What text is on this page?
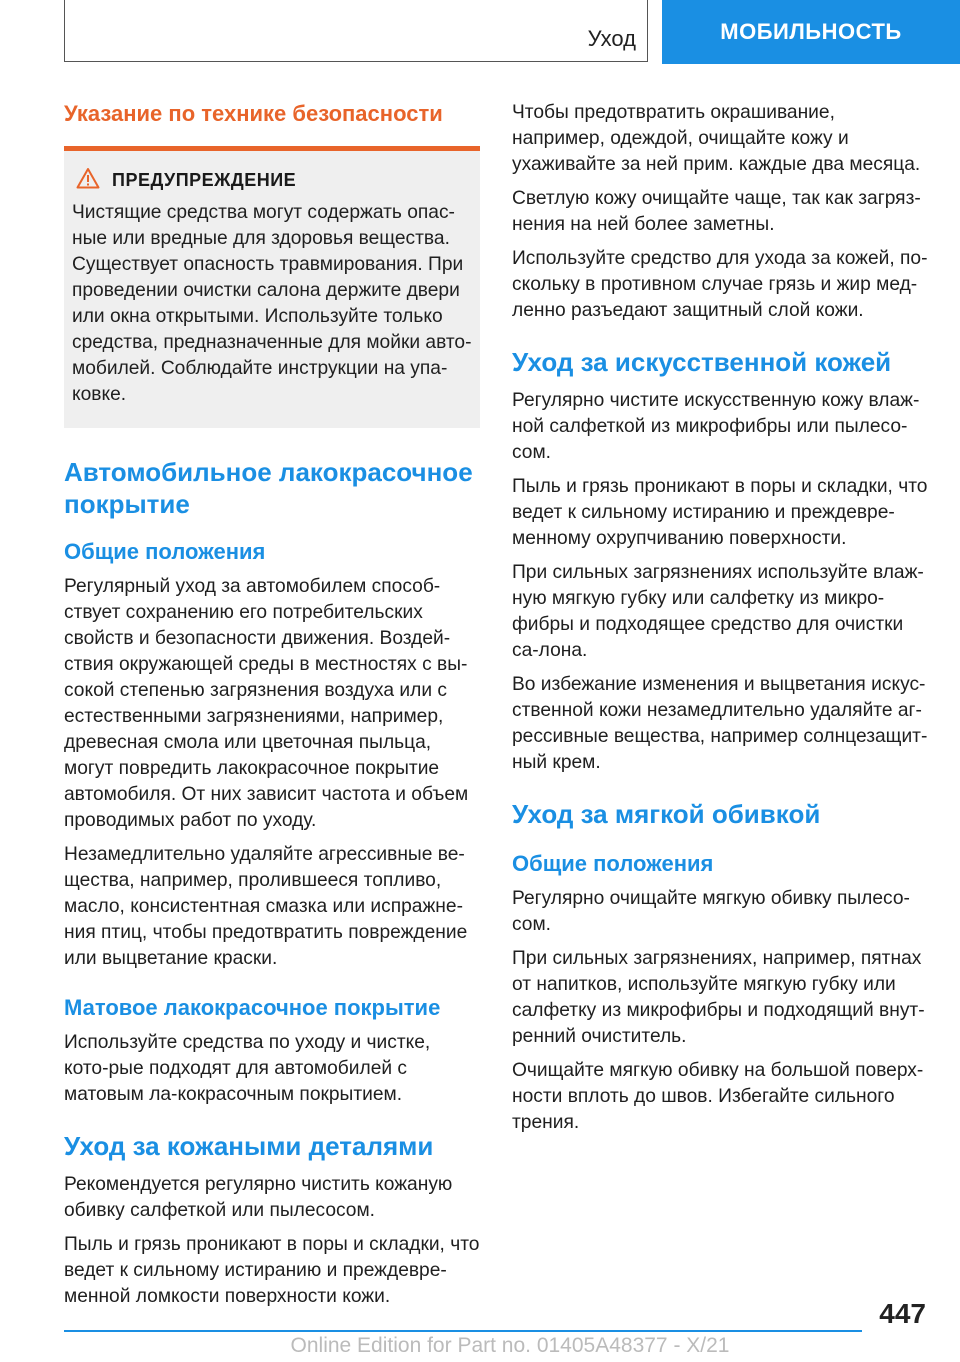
Уход	МОБИЛЬНОСТЬ
Указание по технике безопасности
ПРЕДУПРЕЖДЕНИЕ

Чистящие средства могут содержать опас-ные или вредные для здоровья вещества. Существует опасность травмирования. При проведении очистки салона держите двери или окна открытыми. Используйте только средства, предназначенные для мойки авто-мобилей. Соблюдайте инструкции на упа-ковке.

Автомобильное лакокрасочное покрытие
Общие положения

Регулярный уход за автомобилем способ-ствует сохранению его потребительских свойств и безопасности движения. Воздей-ствия окружающей среды в местностях с вы-сокой степенью загрязнения воздуха или с естественными загрязнениями, например, древесная смола или цветочная пыльца, могут повредить лакокрасочное покрытие автомобиля. От них зависит частота и объем проводимых работ по уходу.

Незамедлительно удаляйте агрессивные ве-щества, например, пролившееся топливо, масло, консистентная смазка или испражне-ния птиц, чтобы предотвратить повреждение или выцветание краски.

Матовое лакокрасочное покрытие

Используйте средства по уходу и чистке, кото-рые подходят для автомобилей с матовым ла-кокрасочным покрытием.

Уход за кожаными деталями

Рекомендуется регулярно чистить кожаную обивку салфеткой или пылесосом.

Пыль и грязь проникают в поры и складки, что ведет к сильному истиранию и преждевре-менной ломкости поверхности кожи.

Чтобы предотвратить окрашивание, например, одеждой, очищайте кожу и ухаживайте за ней прим. каждые два месяца.

Светлую кожу очищайте чаще, так как загряз-нения на ней более заметны.

Используйте средство для ухода за кожей, по-скольку в противном случае грязь и жир мед-ленно разъедают защитный слой кожи.

Уход за искусственной кожей

Регулярно чистите искусственную кожу влаж-ной салфеткой из микрофибры или пылесо-сом.

Пыль и грязь проникают в поры и складки, что ведет к сильному истиранию и преждевре-менному охрупчиванию поверхности.

При сильных загрязнениях используйте влаж-ную мягкую губку или салфетку из микро-фибры и подходящее средство для очистки са-лона.

Во избежание изменения и выцветания искус-ственной кожи незамедлительно удаляйте аг-рессивные вещества, например солнцезащит-ный крем.

Уход за мягкой обивкой
Общие положения

Регулярно очищайте мягкую обивку пылесо-сом.

При сильных загрязнениях, например, пятнах от напитков, используйте мягкую губку или салфетку из микрофибры и подходящий внут-ренний очиститель.

Очищайте мягкую обивку на большой поверх-ности вплоть до швов. Избегайте сильного трения.

447
Online Edition for Part no. 01405A48377 - X/21
